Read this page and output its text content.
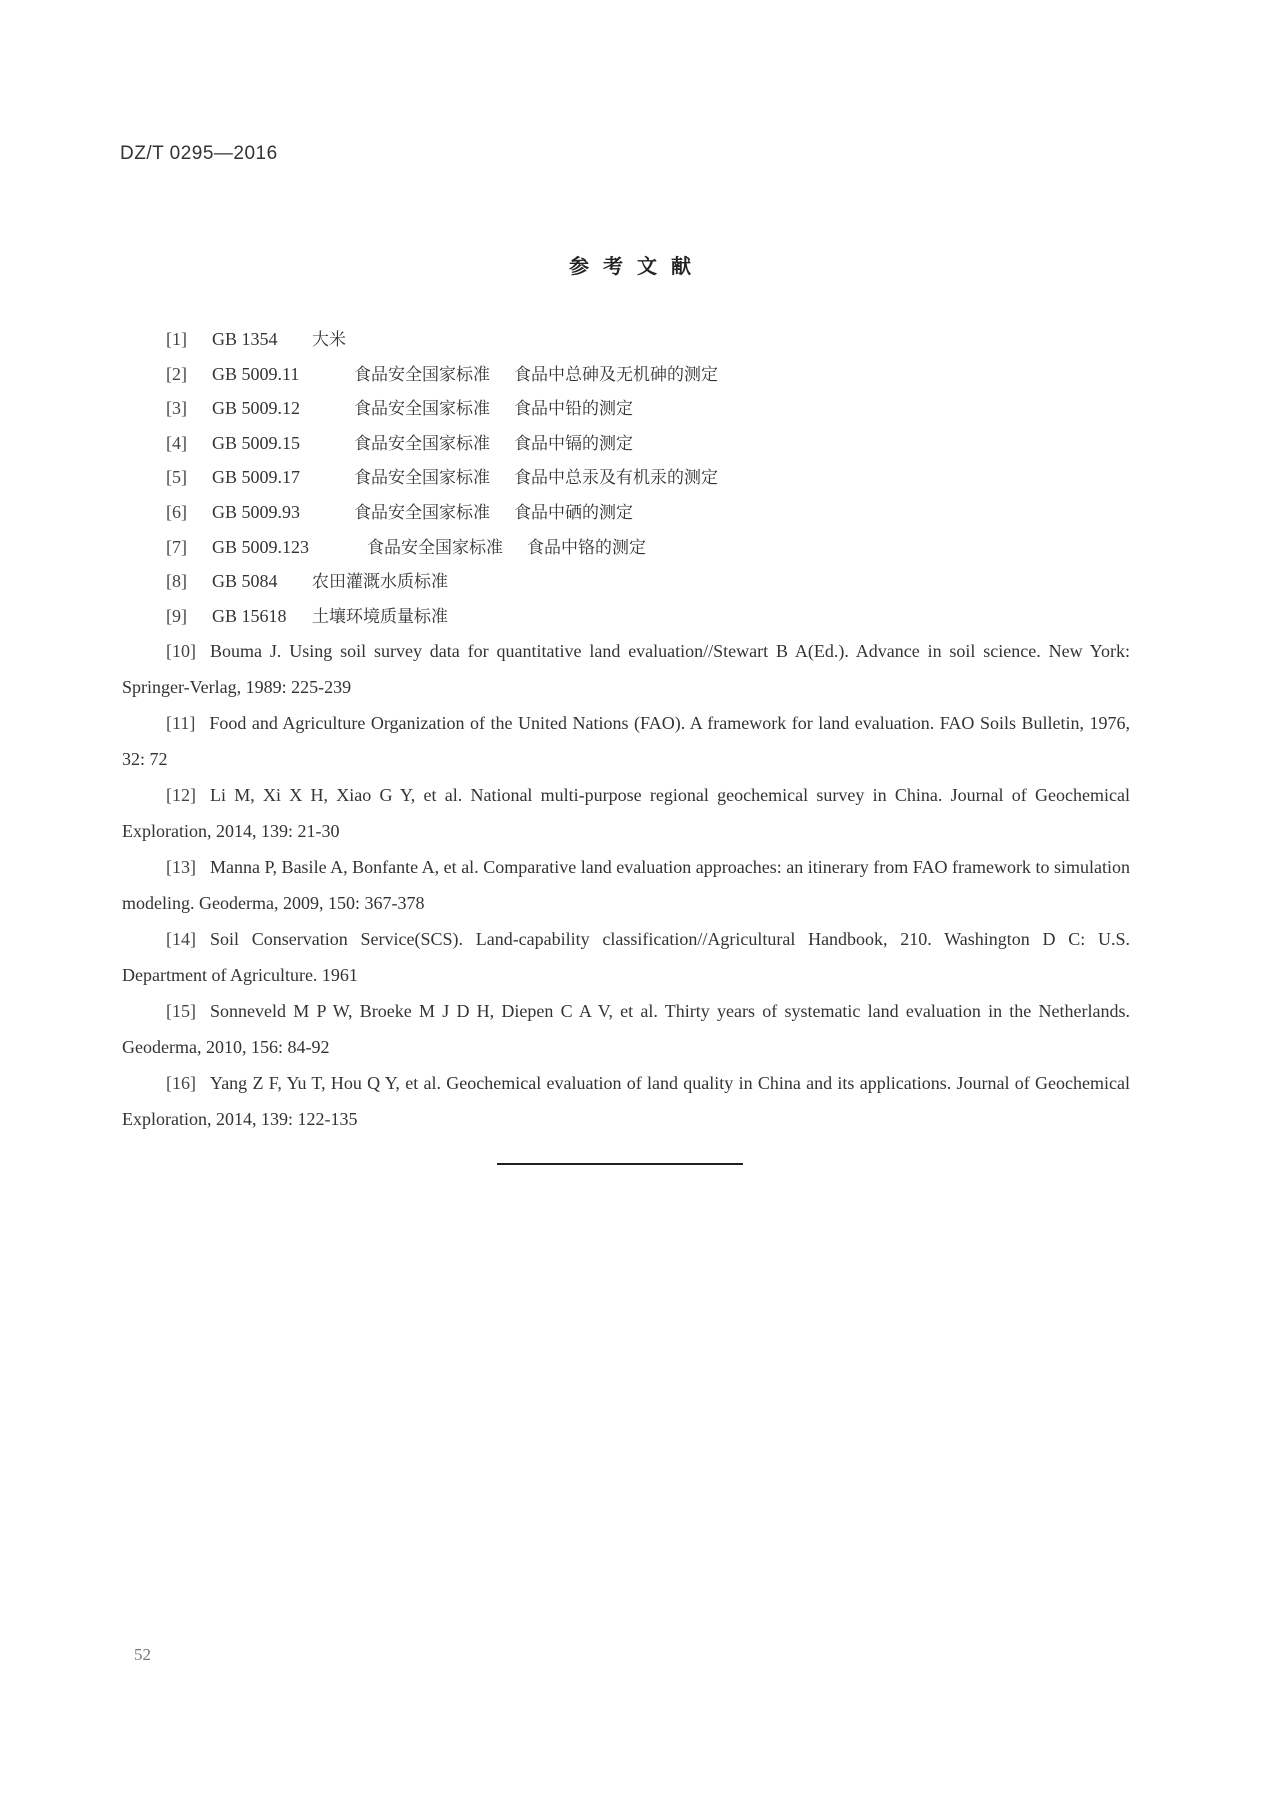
DZ/T 0295—2016
参考文献
[1] GB 1354 大米
[2] GB 5009.11	食品安全国家标准 食品中总砷及无机砷的测定
[3] GB 5009.12	食品安全国家标准 食品中铅的测定
[4] GB 5009.15	食品安全国家标准 食品中镉的测定
[5] GB 5009.17	食品安全国家标准 食品中总汞及有机汞的测定
[6] GB 5009.93	食品安全国家标准 食品中硒的测定
[7] GB 5009.123	食品安全国家标准 食品中铬的测定
[8] GB 5084 农田灌溉水质标准
[9] GB 15618 土壤环境质量标准
[10] Bouma J. Using soil survey data for quantitative land evaluation//Stewart B A(Ed.). Advance in soil science. New York: Springer-Verlag, 1989: 225-239
[11] Food and Agriculture Organization of the United Nations (FAO). A framework for land evaluation. FAO Soils Bulletin, 1976, 32: 72
[12] Li M, Xi X H, Xiao G Y, et al. National multi-purpose regional geochemical survey in China. Journal of Geochemical Exploration, 2014, 139: 21-30
[13] Manna P, Basile A, Bonfante A, et al. Comparative land evaluation approaches: an itinerary from FAO framework to simulation modeling. Geoderma, 2009, 150: 367-378
[14] Soil Conservation Service(SCS). Land-capability classification//Agricultural Handbook, 210. Washington D C: U.S. Department of Agriculture. 1961
[15] Sonneveld M P W, Broeke M J D H, Diepen C A V, et al. Thirty years of systematic land evaluation in the Netherlands. Geoderma, 2010, 156: 84-92
[16] Yang Z F, Yu T, Hou Q Y, et al. Geochemical evaluation of land quality in China and its applications. Journal of Geochemical Exploration, 2014, 139: 122-135
52
